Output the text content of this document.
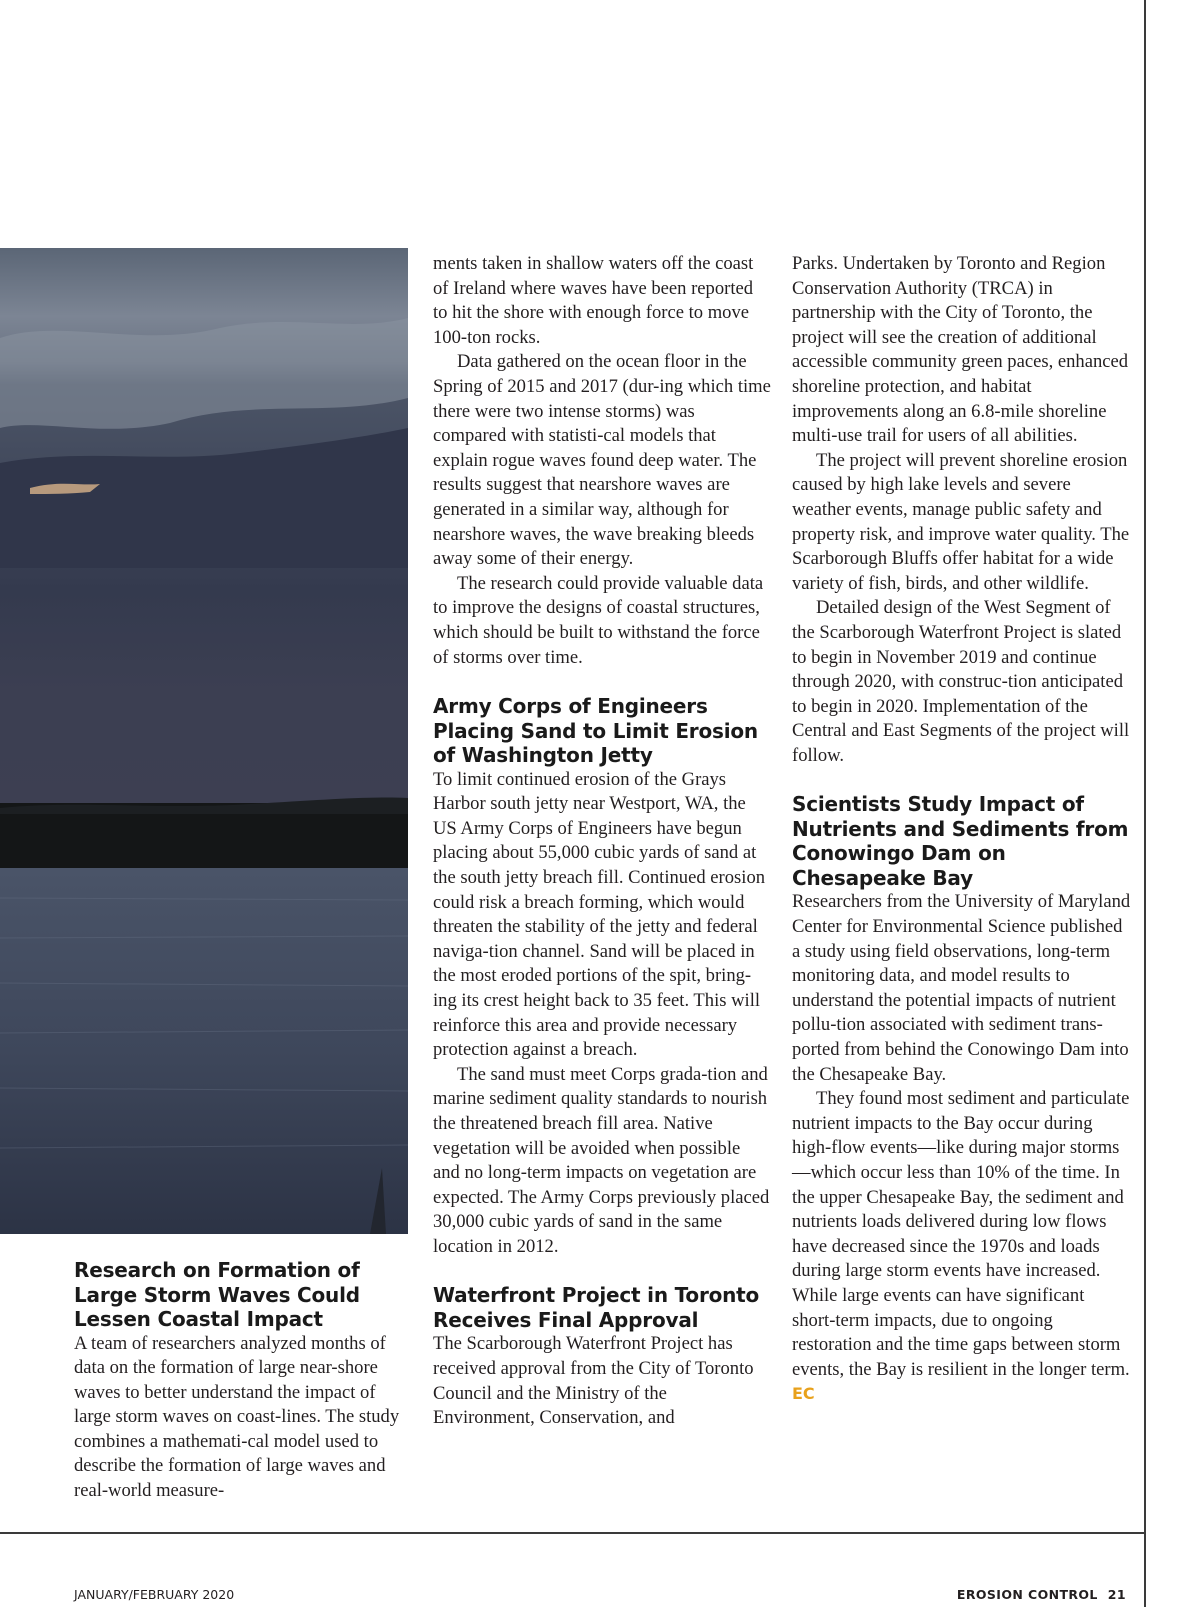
Research on Formation of Large Storm Waves Could Lessen Coastal Impact

A team of researchers analyzed months of data on the formation of large near-shore waves to better understand the impact of large storm waves on coast-lines. The study combines a mathemati-cal model used to describe the formation of large waves and real-world measure-

ments taken in shallow waters off the coast of Ireland where waves have been reported to hit the shore with enough force to move 100-ton rocks.

Data gathered on the ocean floor in the Spring of 2015 and 2017 (dur-ing which time there were two intense storms) was compared with statisti-cal models that explain rogue waves found deep water. The results suggest that nearshore waves are generated in a similar way, although for nearshore waves, the wave breaking bleeds away some of their energy.

The research could provide valuable data to improve the designs of coastal structures, which should be built to withstand the force of storms over time.

Army Corps of Engineers Placing Sand to Limit Erosion of Washington Jetty

To limit continued erosion of the Grays Harbor south jetty near Westport, WA, the US Army Corps of Engineers have begun placing about 55,000 cubic yards of sand at the south jetty breach fill. Continued erosion could risk a breach forming, which would threaten the stability of the jetty and federal naviga-tion channel. Sand will be placed in the most eroded portions of the spit, bring-ing its crest height back to 35 feet. This will reinforce this area and provide necessary protection against a breach.

The sand must meet Corps grada-tion and marine sediment quality standards to nourish the threatened breach fill area. Native vegetation will be avoided when possible and no long-term impacts on vegetation are expected. The Army Corps previously placed 30,000 cubic yards of sand in the same location in 2012.

Waterfront Project in Toronto Receives Final Approval

The Scarborough Waterfront Project has received approval from the City of Toronto Council and the Ministry of the Environment, Conservation, and

Parks. Undertaken by Toronto and Region Conservation Authority (TRCA) in partnership with the City of Toronto, the project will see the creation of additional accessible community green paces, enhanced shoreline protection, and habitat improvements along an 6.8-mile shoreline multi-use trail for users of all abilities.

The project will prevent shoreline erosion caused by high lake levels and severe weather events, manage public safety and property risk, and improve water quality. The Scarborough Bluffs offer habitat for a wide variety of fish, birds, and other wildlife.

Detailed design of the West Segment of the Scarborough Waterfront Project is slated to begin in November 2019 and continue through 2020, with construc-tion anticipated to begin in 2020. Implementation of the Central and East Segments of the project will follow.

Scientists Study Impact of Nutrients and Sediments from Conowingo Dam on Chesapeake Bay

Researchers from the University of Maryland Center for Environmental Science published a study using field observations, long-term monitoring data, and model results to understand the potential impacts of nutrient pollu-tion associated with sediment trans-ported from behind the Conowingo Dam into the Chesapeake Bay.

They found most sediment and particulate nutrient impacts to the Bay occur during high-flow events—like during major storms—which occur less than 10% of the time. In the upper Chesapeake Bay, the sediment and nutrients loads delivered during low flows have decreased since the 1970s and loads during large storm events have increased. While large events can have significant short-term impacts, due to ongoing restoration and the time gaps between storm events, the Bay is resilient in the longer term. EC

JANUARY/FEBRUARY 2020	EROSION CONTROL 21
